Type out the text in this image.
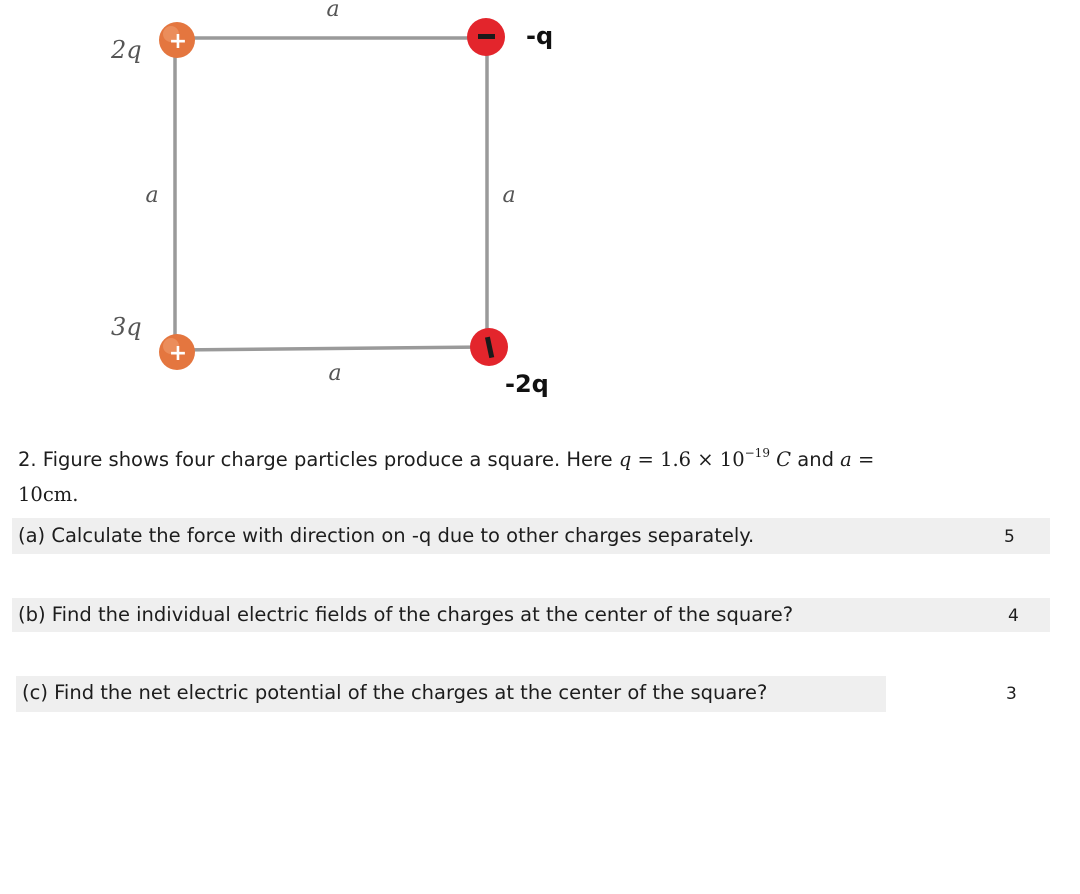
a
a	a
a
+
2q	-q
+
3q
-2q
2. Figure shows four charge particles produce a square. Here $q = 1.6 \times 10^{-19}$ C and a =
10cm.
(a) Calculate the force with direction on -q due to other charges separately.	5
(b) Find the individual electric fields of the charges at the center of the square?	4
(c) Find the net electric potential of the charges at the center of the square?	3
